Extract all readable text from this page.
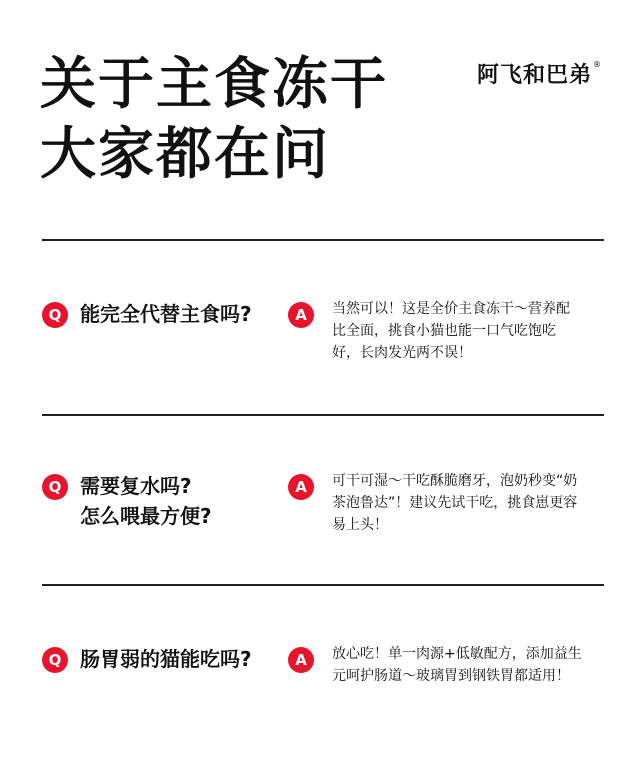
关于主食冻干
大家都在问
阿飞和巴弟®
Q 能完全代替主食吗?	A	当然可以！这是全价主食冻干～营养配
比全面，挑食小猫也能一口气吃饱吃
好，长肉发光两不误！
Q 需要复水吗?
怎么喂最方便?
A	可干可湿～干吃酥脆磨牙，泡奶秒变“奶
茶泡鲁达”！建议先试干吃，挑食崽更容
易上头！
Q 肠胃弱的猫能吃吗?	A	放心吃！单一肉源+低敏配方，添加益生
元呵护肠道～玻璃胃到钢铁胃都适用！
